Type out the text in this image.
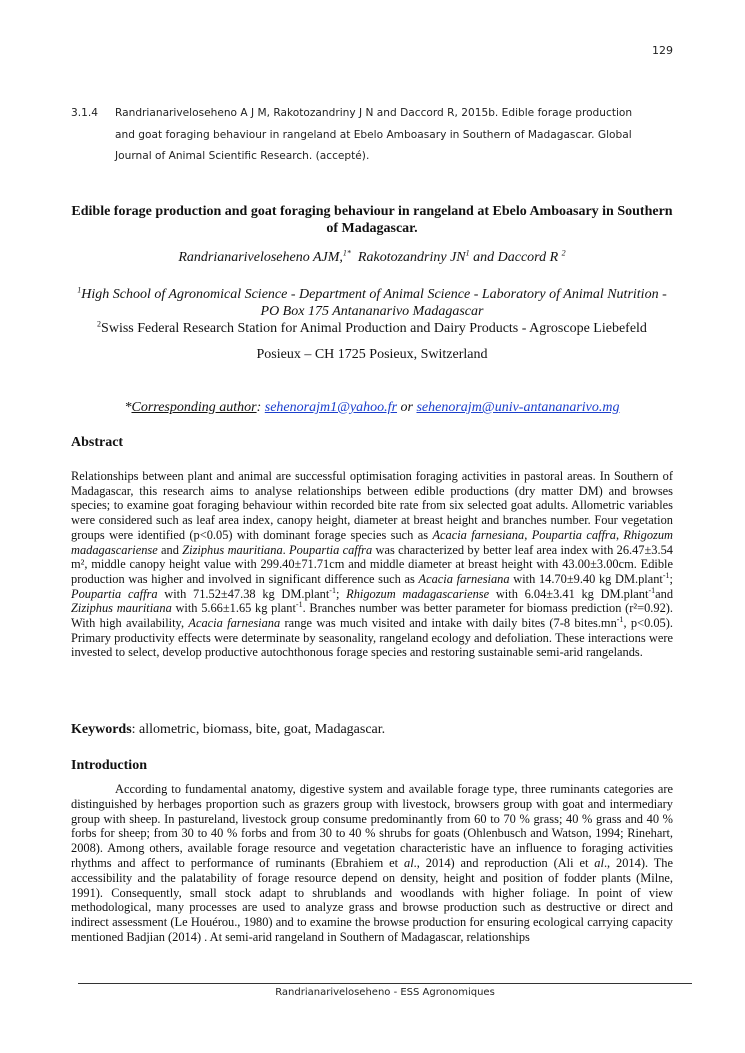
129
3.1.4 Randrianariveloseheno A J M, Rakotozandriny J N and Daccord R, 2015b. Edible forage production
and goat foraging behaviour in rangeland at Ebelo Amboasary in Southern of Madagascar. Global
Journal of Animal Scientific Research. (accepté).
Edible forage production and goat foraging behaviour in rangeland at Ebelo Amboasary in Southern of Madagascar.
Randrianariveloseheno AJM,$^{1*}$ Rakotozandriny $JN^1$ and Daccord R $^2$
$^1$High School of Agronomical Science - Department of Animal Science - Laboratory of Animal Nutrition - PO Box 175 Antananarivo Madagascar
$^2$Swiss Federal Research Station for Animal Production and Dairy Products - Agroscope Liebefeld
Posieux – CH 1725 Posieux, Switzerland
*Corresponding author: sehenorajm1@yahoo.fr or sehenorajm@univ-antananarivo.mg
Abstract
Relationships between plant and animal are successful optimisation foraging activities in pastoral areas. In Southern of Madagascar, this research aims to analyse relationships between edible productions (dry matter DM) and browses species; to examine goat foraging behaviour within recorded bite rate from six selected goat adults. Allometric variables were considered such as leaf area index, canopy height, diameter at breast height and branches number. Four vegetation groups were identified (p<0.05) with dominant forage species such as Acacia farnesiana, Poupartia caffra, Rhigozum madagascariense and Ziziphus mauritiana. Poupartia caffra was characterized by better leaf area index with 26.47±3.54 m², middle canopy height value with 299.40±71.71cm and middle diameter at breast height with 43.00±3.00cm. Edible production was higher and involved in significant difference such as Acacia farnesiana with 14.70±9.40 kg DM.plant$^{-1}$; Poupartia caffra with 71.52±47.38 kg DM.plant$^{-1}$; Rhigozum madagascariense with 6.04±3.41 kg DM.plant$^{-1}$and Ziziphus mauritiana with 5.66±1.65 kg plant$^{-1}$. Branches number was better parameter for biomass prediction (r²=0.92). With high availability, Acacia farnesiana range was much visited and intake with daily bites (7-8 $bites.mn^{-1}$, p<0.05). Primary productivity effects were determinate by seasonality, rangeland ecology and defoliation. These interactions were invested to select, develop productive autochthonous forage species and restoring sustainable semi-arid rangelands.
Keywords: allometric, biomass, bite, goat, Madagascar.
Introduction
According to fundamental anatomy, digestive system and available forage type, three ruminants categories are distinguished by herbages proportion such as grazers group with livestock, browsers group with goat and intermediary group with sheep. In pastureland, livestock group consume predominantly from 60 to 70 % grass; 40 % grass and 40 % forbs for sheep; from 30 to 40 % forbs and from 30 to 40 % shrubs for goats (Ohlenbusch and Watson, 1994; Rinehart, 2008). Among others, available forage resource and vegetation characteristic have an influence to foraging activities rhythms and affect to performance of ruminants (Ebrahiem et al., 2014) and reproduction (Ali et al., 2014). The accessibility and the palatability of forage resource depend on density, height and position of fodder plants (Milne, 1991). Consequently, small stock adapt to shrublands and woodlands with higher foliage. In point of view methodological, many processes are used to analyze grass and browse production such as destructive or direct and indirect assessment (Le Houérou., 1980) and to examine the browse production for ensuring ecological carrying capacity mentioned Badjian (2014) . At semi-arid rangeland in Southern of Madagascar, relationships
Randrianariveloseheno - ESS Agronomiques
